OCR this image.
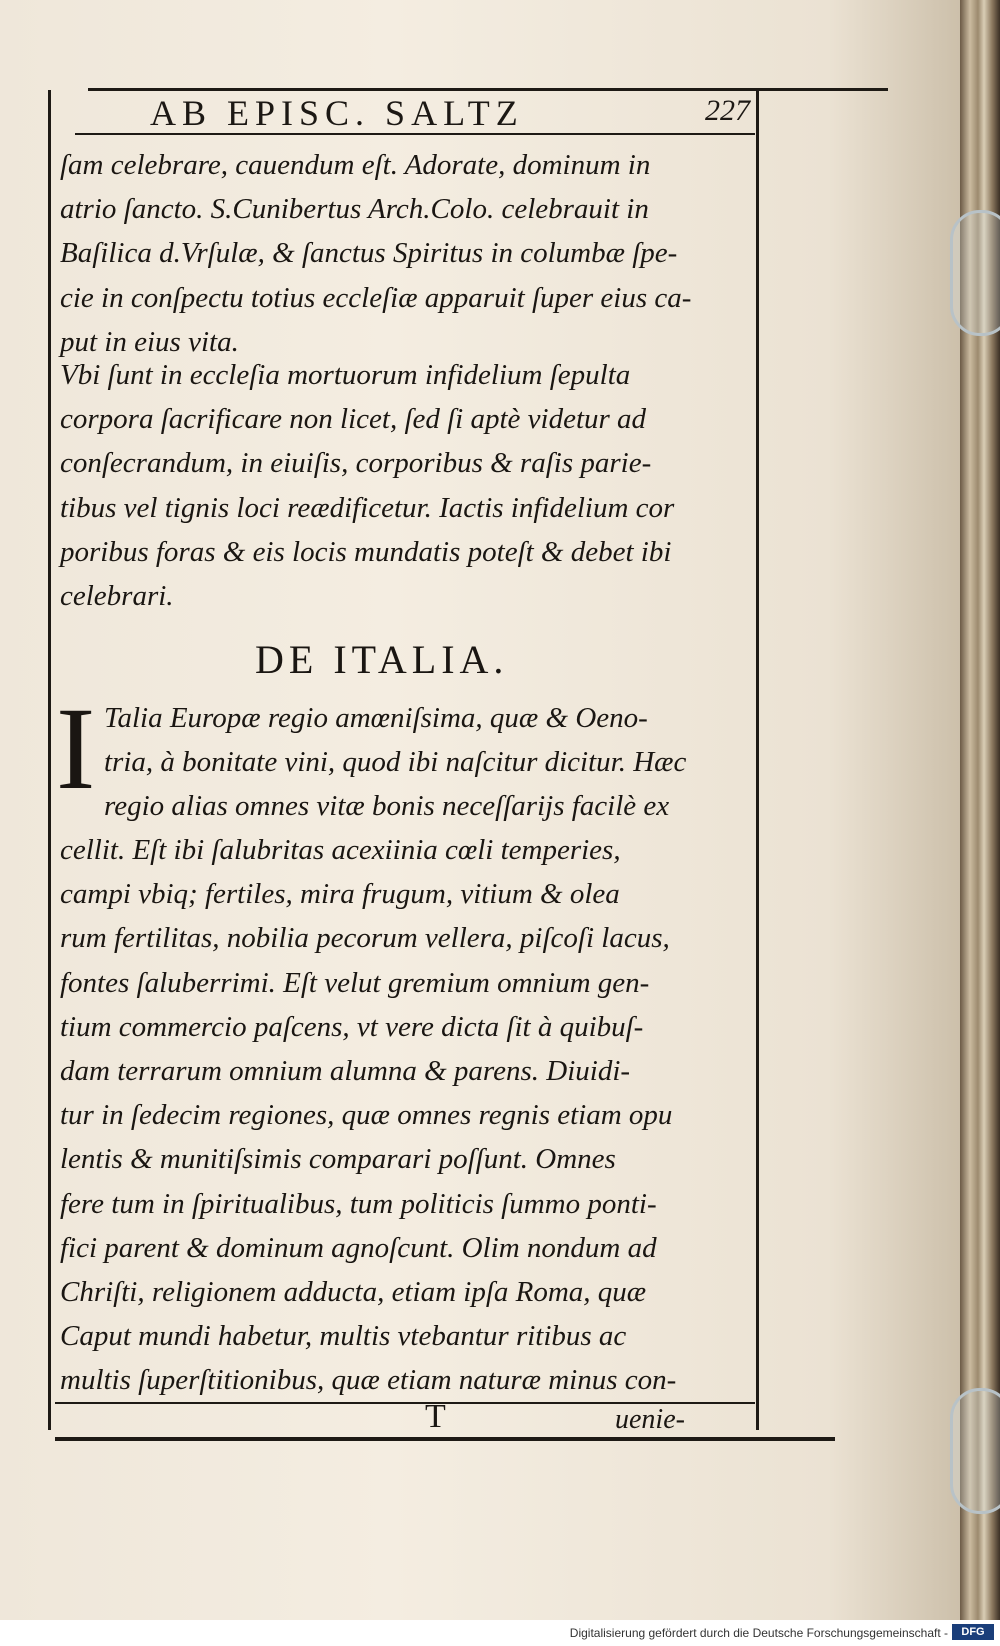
AB EPISC. SALTZ	227
ſam celebrare, cauendum eſt. Adorate, dominum in
atrio ſancto. S.Cunibertus Arch.Colo. celebrauit in
Baſilica d.Vrſulæ, & ſanctus Spiritus in columbæ ſpe-
cie in conſpectu totius eccleſiæ apparuit ſuper eius ca-
put in eius vita.
Vbi ſunt in eccleſia mortuorum infidelium ſepulta
corpora ſacrificare non licet, ſed ſi aptè videtur ad
conſecrandum, in eiuiſis, corporibus & raſis parie-
tibus vel tignis loci reædificetur. Iactis infidelium cor
poribus foras & eis locis mundatis poteſt & debet ibi
celebrari.
DE ITALIA.
I Talia Europæ regio amœniſsima, quæ & Oeno-
tria, à bonitate vini, quod ibi naſcitur dicitur. Hæc
regio alias omnes vitæ bonis neceſſarijs facilè ex
cellit. Eſt ibi ſalubritas acexiinia cœli temperies,
campi vbiq; fertiles, mira frugum, vitium & olea
rum fertilitas, nobilia pecorum vellera, piſcoſi lacus,
fontes ſaluberrimi. Eſt velut gremium omnium gen-
tium commercio paſcens, vt vere dicta ſit à quibuſ-
dam terrarum omnium alumna & parens. Diuidi-
tur in ſedecim regiones, quæ omnes regnis etiam opu
lentis & munitiſsimis comparari poſſunt. Omnes
fere tum in ſpiritualibus, tum politicis ſummo ponti-
fici parent & dominum agnoſcunt. Olim nondum ad
Chriſti, religionem adducta, etiam ipſa Roma, quæ
Caput mundi habetur, multis vtebantur ritibus ac
multis ſuperſtitionibus, quæ etiam naturæ minus con-
T	uenie-
Digitalisierung gefördert durch die Deutsche Forschungsgemeinschaft -	DFG
